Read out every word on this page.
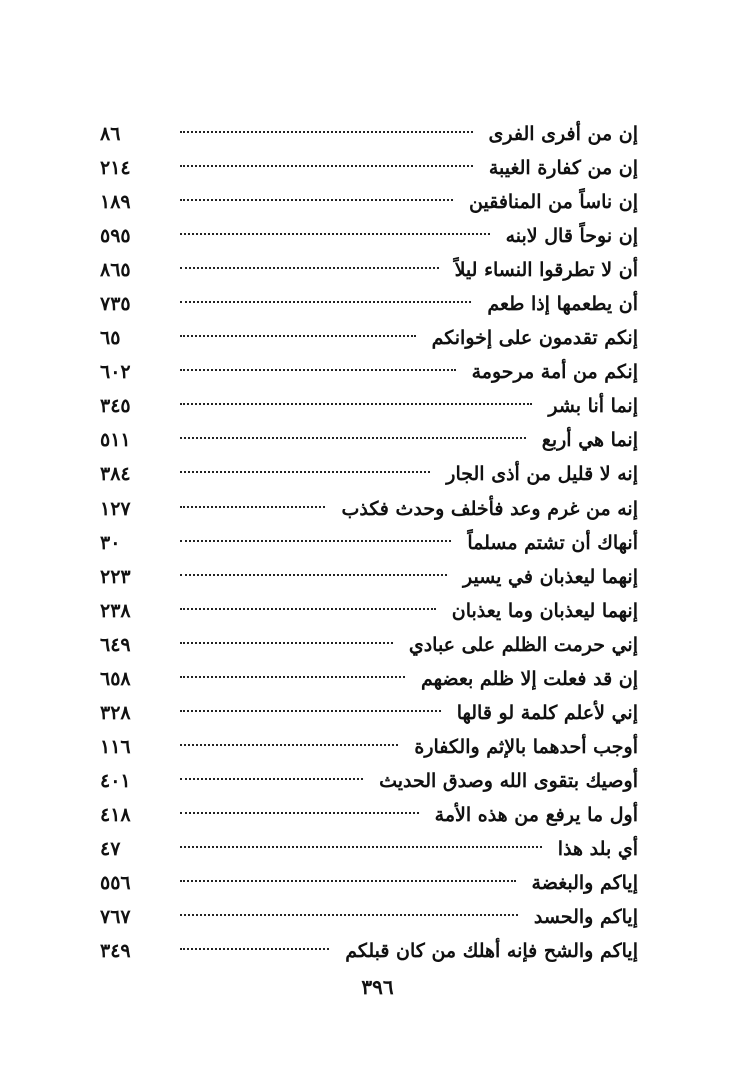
إن من أفرى الفرى
٨٦
إن من كفارة الغيبة
٢١٤
إن ناساً من المنافقين
١٨٩
إن نوحاً قال لابنه
٥٩٥
أن لا تطرقوا النساء ليلاً
٨٦٥
أن يطعمها إذا طعم
٧٣٥
إنكم تقدمون على إخوانكم
٦٥
إنكم من أمة مرحومة
٦٠٢
إنما أنا بشر
٣٤٥
إنما هي أربع
٥١١
إنه لا قليل من أذى الجار
٣٨٤
إنه من غرم وعد فأخلف وحدث فكذب
١٢٧
أنهاك أن تشتم مسلماً
٣٠
إنهما ليعذبان في يسير
٢٢٣
إنهما ليعذبان وما يعذبان
٢٣٨
إني حرمت الظلم على عبادي
٦٤٩
إن قد فعلت إلا ظلم بعضهم
٦٥٨
إني لأعلم كلمة لو قالها
٣٢٨
أوجب أحدهما بالإثم والكفارة
١١٦
أوصيك بتقوى الله وصدق الحديث
٤٠١
أول ما يرفع من هذه الأمة
٤١٨
أي بلد هذا
٤٧
إياكم والبغضة
٥٥٦
إياكم والحسد
٧٦٧
إياكم والشح فإنه أهلك من كان قبلكم
٣٤٩
٣٩٦
